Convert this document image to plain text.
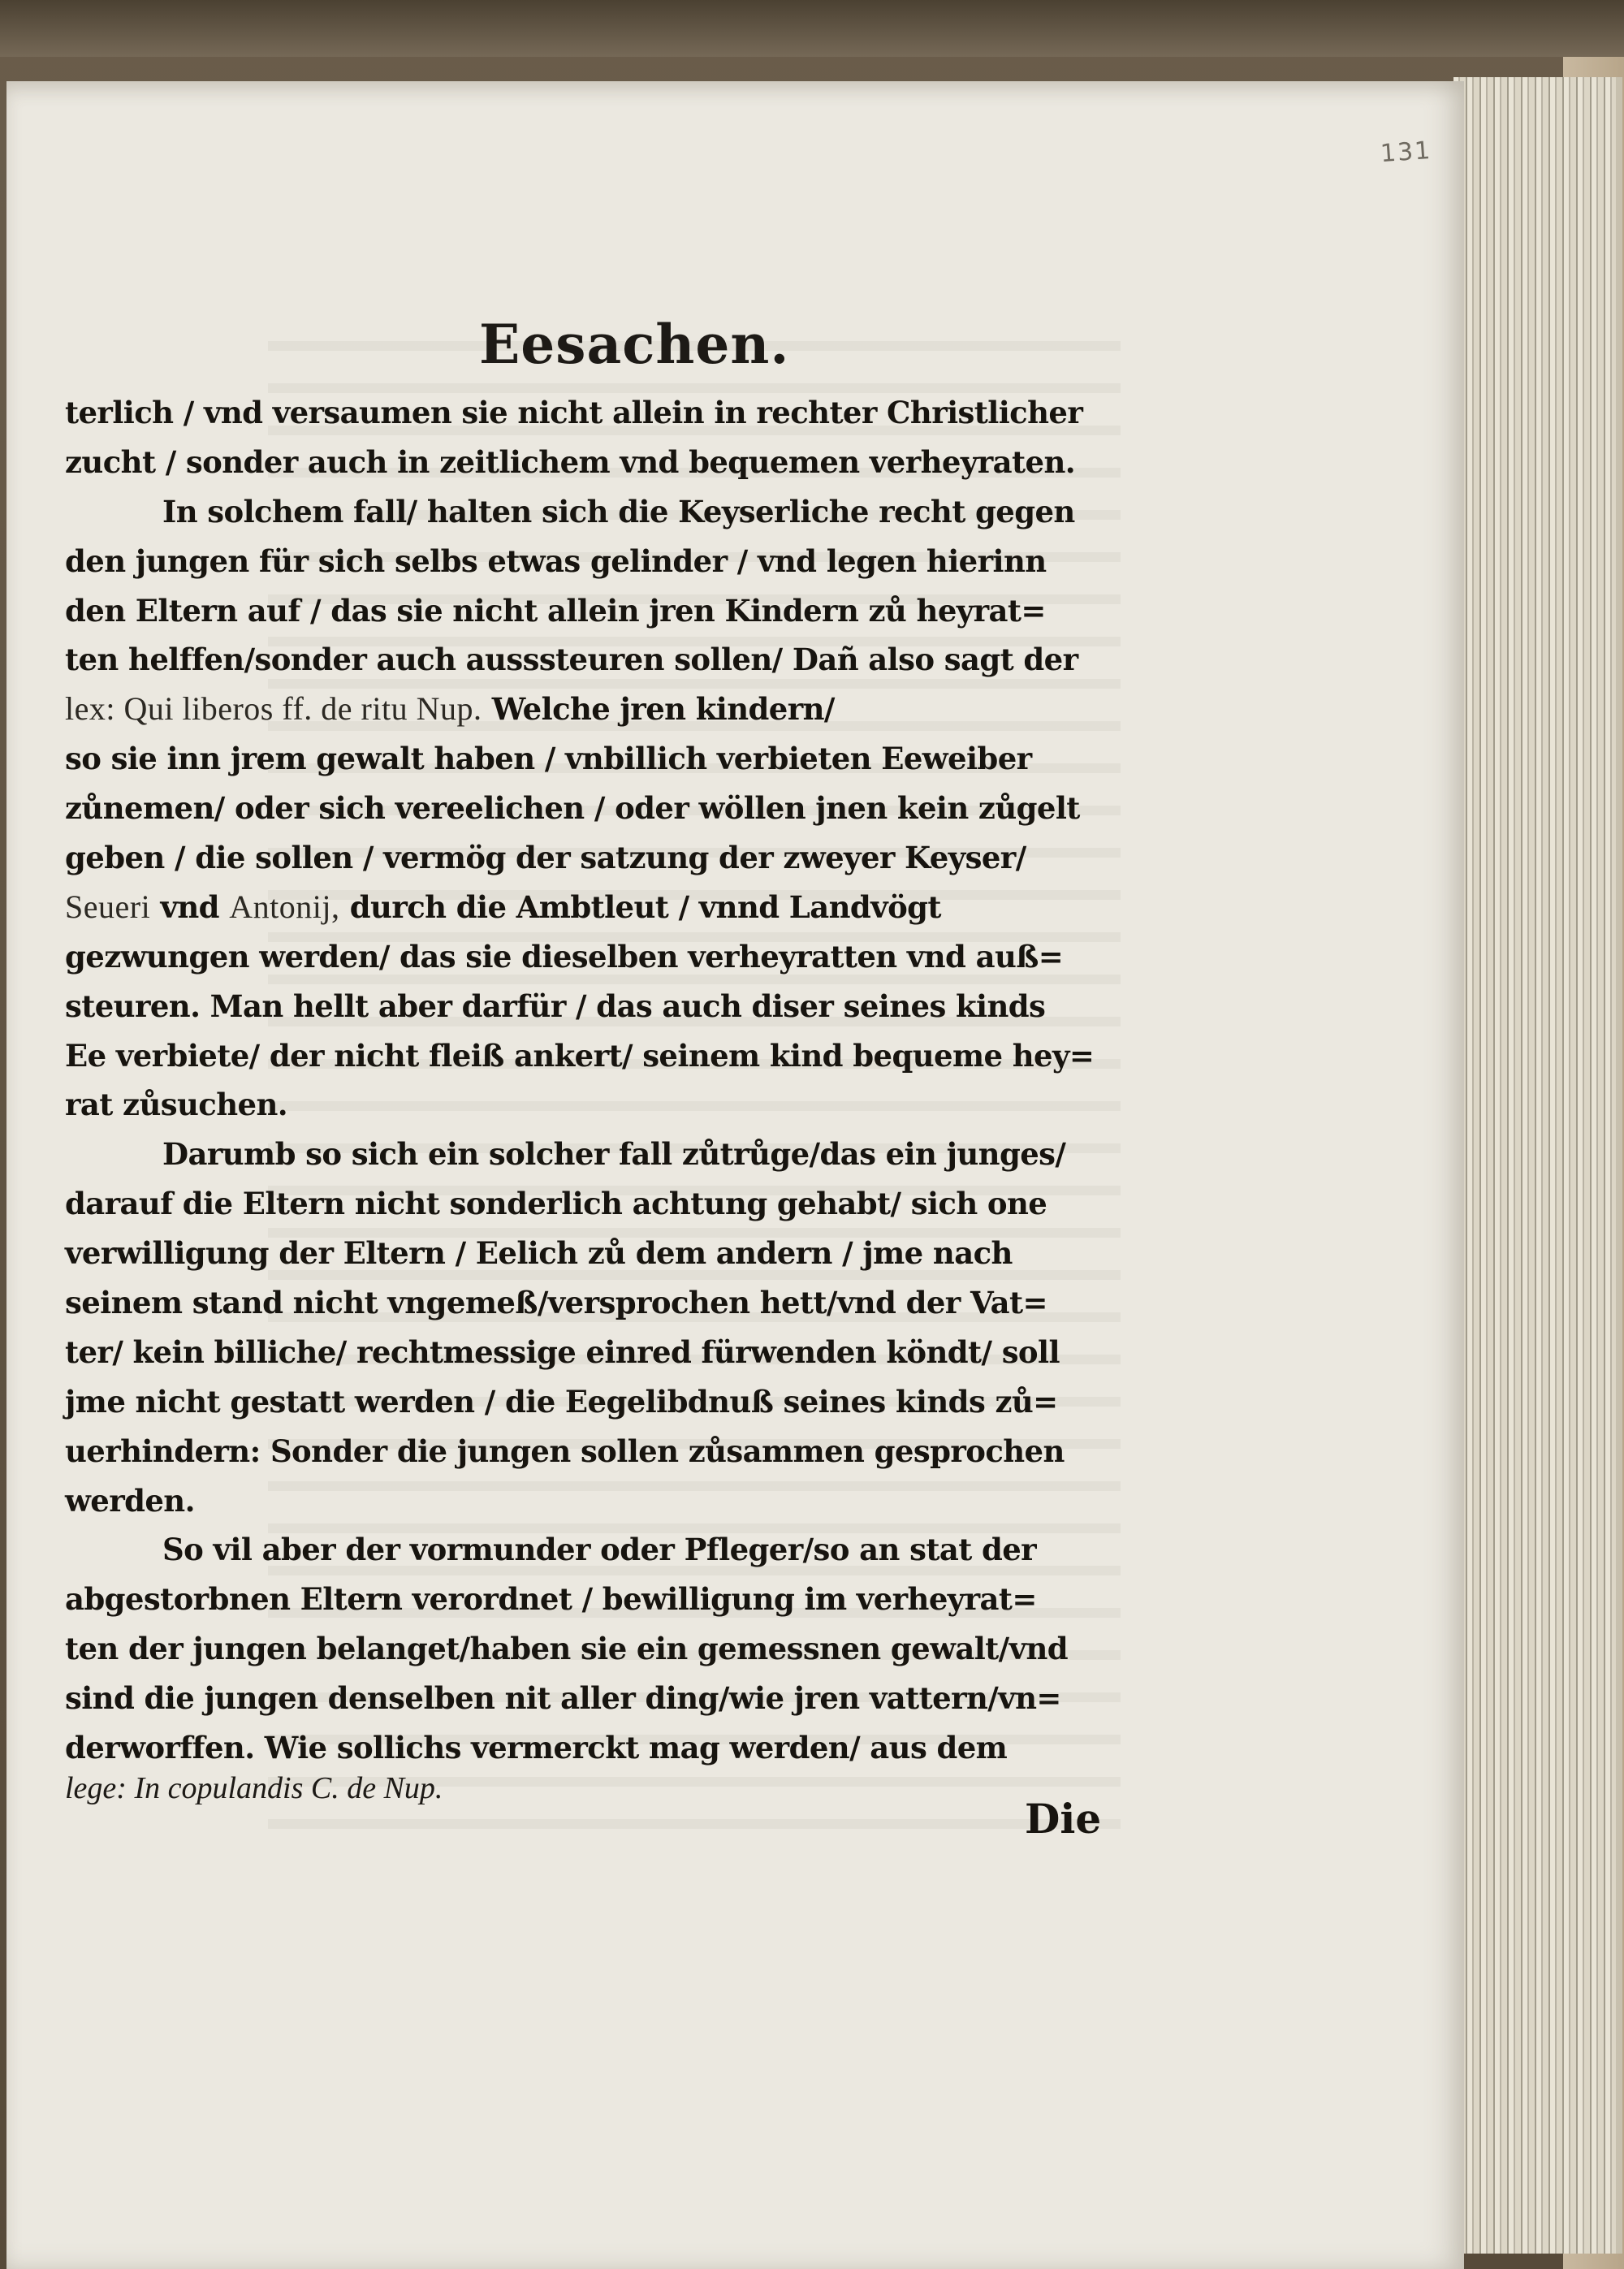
131
Eesachen.
terlich / vnd versaumen sie nicht allein in rechter Christlicher
zucht / sonder auch in zeitlichem vnd bequemen verheyraten.
In solchem fall/ halten sich die Keyserliche recht gegen
den jungen für sich selbs etwas gelinder / vnd legen hierinn
den Eltern auf / das sie nicht allein jren Kindern zů heyrat=
ten helffen/sonder auch ausssteuren sollen/ Dañ also sagt der
lex: Qui liberos ff. de ritu Nup. Welche jren kindern/
so sie inn jrem gewalt haben / vnbillich verbieten Eeweiber
zůnemen/ oder sich vereelichen / oder wöllen jnen kein zůgelt
geben / die sollen / vermög der satzung der zweyer Keyser/
Seueri vnd Antonij, durch die Ambtleut / vnnd Landvögt
gezwungen werden/ das sie dieselben verheyratten vnd auß=
steuren. Man hellt aber darfür / das auch diser seines kinds
Ee verbiete/ der nicht fleiß ankert/ seinem kind bequeme hey=
rat zůsuchen.
Darumb so sich ein solcher fall zůtrůge/das ein junges/
darauf die Eltern nicht sonderlich achtung gehabt/ sich one
verwilligung der Eltern / Eelich zů dem andern / jme nach
seinem stand nicht vngemeß/versprochen hett/vnd der Vat=
ter/ kein billiche/ rechtmessige einred fürwenden köndt/ soll
jme nicht gestatt werden / die Eegelibdnuß seines kinds zů=
uerhindern: Sonder die jungen sollen zůsammen gesprochen
werden.
So vil aber der vormunder oder Pfleger/so an stat der
abgestorbnen Eltern verordnet / bewilligung im verheyrat=
ten der jungen belanget/haben sie ein gemessnen gewalt/vnd
sind die jungen denselben nit aller ding/wie jren vattern/vn=
derworffen. Wie sollichs vermerckt mag werden/ aus dem
lege: In copulandis C. de Nup.
Die
